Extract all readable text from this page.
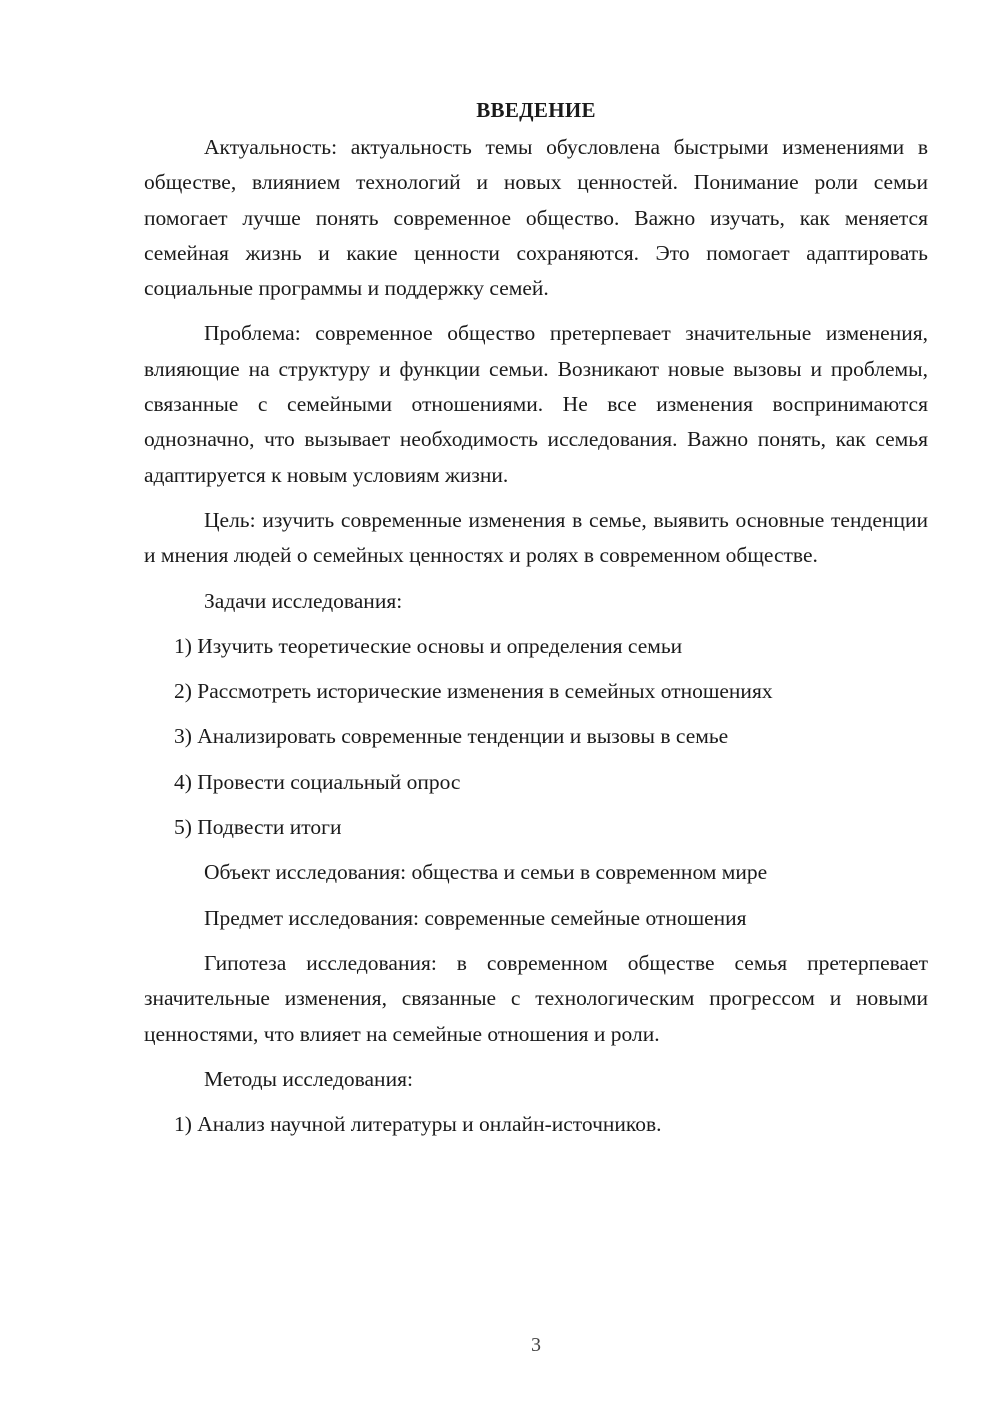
ВВЕДЕНИЕ

Актуальность: актуальность темы обусловлена быстрыми изменениями в обществе, влиянием технологий и новых ценностей. Понимание роли семьи помогает лучше понять современное общество. Важно изучать, как меняется семейная жизнь и какие ценности сохраняются. Это помогает адаптировать социальные программы и поддержку семей.

Проблема: современное общество претерпевает значительные изменения, влияющие на структуру и функции семьи. Возникают новые вызовы и проблемы, связанные с семейными отношениями. Не все изменения воспринимаются однозначно, что вызывает необходимость исследования. Важно понять, как семья адаптируется к новым условиям жизни.

Цель: изучить современные изменения в семье, выявить основные тенденции и мнения людей о семейных ценностях и ролях в современном обществе.

Задачи исследования:
1) Изучить теоретические основы и определения семьи
2) Рассмотреть исторические изменения в семейных отношениях
3) Анализировать современные тенденции и вызовы в семье
4) Провести социальный опрос
5) Подвести итоги
Объект исследования: общества и семьи в современном мире
Предмет исследования: современные семейные отношения

Гипотеза исследования: в современном обществе семья претерпевает значительные изменения, связанные с технологическим прогрессом и новыми ценностями, что влияет на семейные отношения и роли.

Методы исследования:
1) Анализ научной литературы и онлайн-источников.
3
